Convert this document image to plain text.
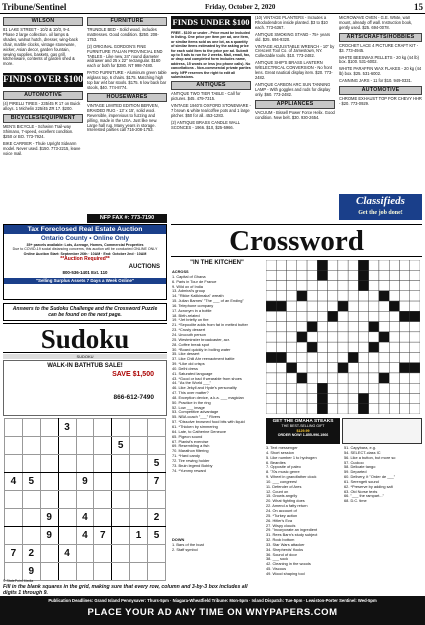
Tribune/Sentinel	Friday, October 2, 2020	15
WILSON

81 LAKE STREET - 10/2 & 10/3, 9-4. Phase 2 large collection. oil lamps & shades, walnut hutch, dresser, wing-back chair, marble clocks, vintage stoneware, wicker, Asian decor, garden fountain, sewing supplies, baskets, gas grill, kitchenware, contents of garden shed & more.

FINDS OVER $100
AUTOMOTIVE

(4) PIRELLI TIRES - 235/45 R 17 on Buick alloys. 1 Michelin 225/45 ZR 17. $200.

BICYCLES/EQUIPMENT

MEN'S BICYCLE - Schwinn Trail-way Shimano, 7-speed, excellent condition. $250 or BO. 773-7924.

BIKE CARRIER - Thule Upright Sidearm model. Never used. $150. 773-2215, leave voice mail.

FURNITURE

TRUNDLE BED - Solid wood, includes mattresses. Good condition. $250. 208-1753.

(2) ORIGINAL GORDON'S FINE FURNITURE ITALIAN PROVINCIAL END TABLES - Like new, 24" round diameter w/drawer and 25 x 22" rectangular. $160 each or both for $280. NT 998-7480.

PATIO FURNITURE - Aluminum green table w/glass top, 6 chairs. $175. Matching high top bar w/4 bar stools. $175. 6 low back bar stools, $40. 774-8774.

HOUSEWARES

VINTAGE LIMITED EDITION BERVEN, BRAIDED RUG - 13' x 15', solid wool. Reversible, impervious to fuzzing and pilling, made in the USA. Just like new. Large hall rug. Many years in storage. Interested parties call 716-208-1753.

NFP FAX #: 773-7190
FINDS UNDER $100

FREE - $100 or under - Price must be included in listing. One price per item per ad, one item, or similar items sold as one lot, as a quantity of similar items estimated by the asking price for each sold item to the price per ad. Submit up to 5 ads to run for 2 weeks. Mail, email, fax, or drop and completed form includes name, address, 15 words or less (no phone calls). No cancellations - Non-commercial private parties only. NFP reserves the right to edit all submissions.

ANTIQUES

ANTIQUE TWO TIER TABLE - Call for pictures. $45. 479-7315.

VINTAGE 1940'S OXFORD STONEWARE - 7 brown & white tea/coffee pots and 1 large pitcher. $50 for all. 453-1283.

(2) ANTIQUE BRASS CANDLE WALL SCONCES - 1966. $10, $25-5966.

(10) VINTAGE PLANTERS - Includes a Rhododendron inside planted. $3 to $10 each. 773-6367.

ANTIQUE SMOKING STAND - 75+ years old. $25. 694-9320.

VINTAGE ADJUSTABLE WRENCH - 10" by Crescent Tool Co. of Jamestown, NY. Collectable tools. $10. 773-2482.

ANTIQUE SHIP'S BRASS LANTERN W/ELECTRICAL CONVERSION - No front lens. Great nautical display item. $20. 773-2482.

ANTIQUE CARBON ARC SUN TANNING LAMP - With goggles and rods for display only. $60. 773-2482.

APPLIANCES

VACUUM - Bissell Power Force Helix. Good condition. New belt. $30. 930-2654.

MICROWAVE OVEN - G.E. White, wall mount, already off wall. Instruction book, gently used. $25. 694-0078.

ARTS/CRAFTS/HOBBIES

CROCHET LACE 4 PICTURE CRAFT KIT - $3. 773-4945.

WHITE BEESWAX PELLETS - 20 kg (44 lb) box. $100. 531-6002.

WHITE PARAFFIN WAX FLAKES - 20 kg (44 lb) box. $25. 531-6002.

CANNING JARS - 11 for $10. 949-0331.

AUTOMOTIVE

CHROME EXHAUST TOP FOR CHEVY HHR - $20. 773-0929.

Classifieds
Get the job done!
Tax Foreclosed Real Estate Auction
Ontario County • Online Only
35+ parcels available: Lots, Acreage, Homes, Commercial Properties
Due to COVID-19 social distancing concerns, this auction will be conducted ONLINE ONLY
Online Auction Start: September 26th · 10AM · End: October 2nd · 10AM
**Auction Required**
AUCTIONS
800-536-1401 Ext. 110
"Selling Surplus Assets 7 Days a Week Online"
Answers to the Sudoku Challenge and the Crossword Puzzle can be found on the next page.
Sudoku
SUDOKU
WALK-IN BATHTUB SALE!
SAVE $1,500
866-612-7490
			3					
						5		
								5
4	5			9				7

		9		4				2
		9		4	7		1	5
7	2		4					
	9							
© StatePoint Media
Fill in the blank squares in the grid, making sure that every row, column and 3-by-3 box includes all digits 1 through 9.
Crossword
"IN THE KITCHEN"
ACROSS
1. Capital of Ghana
6. Paris in Tour de France
9. Wild ox of India
13. Admiral's group
14. "Rikke Kalikimaka" wreath
15. Julian Barnes' "The ___ of an Ending"
16. Telephone company
17. Acronym in a bottle
18. Birth-related
19. *Jet briefly on fire
21. *Sepoolite adds from fat in melted butter
23. *Crusty dessert
24. Uncouth person
25. Westminster broadcaster, acr.
28. Coffee break spot
30. *Board quickly in boiling water
35. Like dessert
37. Like Chili Ahr reenactment battle
39. *Like old crisps
40. Delhi dress
41. Saturated language
43. *Good or bad if wearable from shoes
44. "As the World ___"
46. Like Jekyll and Hyde's personality
47. This over matter?
48. Exception device, a.k.a. ___ magician
50. Practice in the ring
52. Low ___ image
53. Competitive advantage
55. NBA coach "___" Rivers
57. *Dissolve browned food bits with liquid
61. *Thicken by simmering
64. Late, to Catherine Deneuve
65. Pigeon sound
67. Pianist's exercise
69. Resembling a fish
70. Marathon filtering
71. *Hard candy
72. Tire rewing holder
73. Bruin legend Bobby
74. *Yummy reward
DOWN
1. Bars of the boat
2. Staff symbol
3. Text messenger
4. Short session
5. Like number 1 to hydrogen
6. Beardies
7. Opposite of paleo
8. '70s music genre
9. Wheel in grandfather clock
10. ___ congrees!
11. Defender of Ares
12. Count on
15. Growls angrily
20. What fighting does
22. Amend a fatty return
24. On account of
25. *Turkey action
26. Hitler's Eva
27. Wispy clouds
29. "Incorporate an ingredient
31. Rees Barn's study subject
32. Rock bottom
33. Star Wars attacker
34. Shepherds' flocks
36. Sound of door
38. ___ sock
42. Cleaning in the woods
45. Viscous
49. Wood shaping tool
51. Capybara, e.g.
54. SELECT-class IC
56. Like a button, but more so
57. Cuckoo
58. Delicate tango
59. Departed
60. Delivery, it "Order de ___"
61. Serengeti sound
62. *Preserve by adding salt
63. Old Norse texts
66. "___ the rampart..."
68. D.C. time
GET THE OMAHA STEAKS
THE BEST-SELLING GIFT
$129.99
ORDER NOW! 1-855-996-1966
Publication Deadlines: Grand Island Pennysaver: Thurs-5pm · Niagara-Wheatfield Tribune: Mon-5pm · Island Dispatch: Tue-5pm · Lewiston-Porter Sentinel: Wed-5pm
PLACE YOUR AD ANY TIME ON WNYPAPERS.COM
